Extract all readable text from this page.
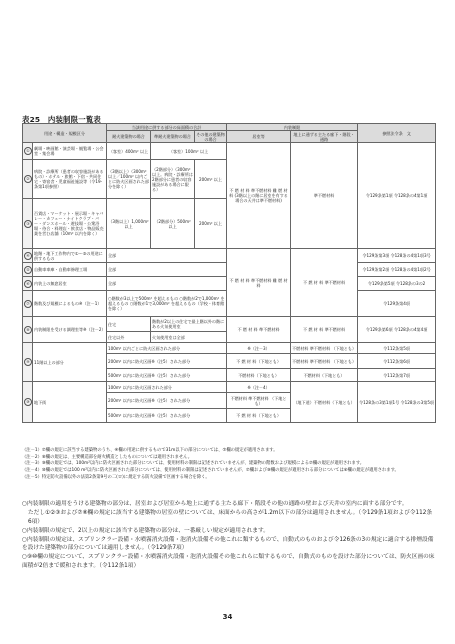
表25　内装制限一覧表
用途・構造・規模区分		当該用途に供する部分の床面積の合計			内装制限		参照法令条　文
		耐火建築物の場合	準耐火建築物の場合	その他の建築物の場合	居室等	地上に通ずる主たる廊下・階段・通路	
①	劇場・映画館・演芸場・観覧場・公会堂・集会場	（客室）400m² 以上	（客室）100m² 以上		不 燃 材 料 準不燃材料 難 燃 材 料 (3階以上の階に居室を有する場合の天井は準不燃材料)	準不燃材料	令129条第1項 令128条の4第1項
②	病院・診療所（患者の収容施設があるもの）・ホテル・旅館・下宿・共同住宅・寄宿舎・児童福祉施設等（令19-条第1項参照）	（3階以上）（300m² 以上／100m² 以内ごとに防火区画された部分を除く）	（2階部分）（300m² 以上。病院・診療所は2階部分に患者の収容施設がある場合に限る）	200m² 以上			
③	百貨店・マーケット・展示場・キャバレー・カフェー・ナイトクラブ・バー・ダンスホール・遊技場・公衆浴場・待合・料理店・飲食店・物品販売業を営む店舗（10m² 以内を除く）	（3階以上）1,000m² 以上	（2階部分）500m² 以上	200m² 以上			
④	地階・地下工作物内で①～③の用途に供するもの	全部			不 燃 材 料 準不燃材料 難 燃 材 料	不 燃 材 料 準不燃材料	令129条第3項 令128条の4第1項3号
⑤	自動車車庫・自動車修理工場	全部					令129条第2項 令128条の4第1項2号
⑥	内装上の無窓居室	全部					令129条第5項 令128条の3の2
⑦	階数及び規模によるもの※（注－1）	○階数が3以上で500m² を超えるもの ○階数が2で1,000m² を超えるもの ○階数が1で3,000m² を超えるもの（学校・体育館を除く）					令129条第4項
⑧	内装制限を受ける調理室等※（注－2）	住宅	階数が2以上の住宅で最上階以外の階にある火気使用室		不 燃 材 料 準不燃材料	不 燃 材 料 準不燃材料	令129条第6項 令128条の4第4項
		住宅以外	火気使用室は全部				
⑨	11階以上の部分	100m² 以内ごとに防火区画された部分			※（注－3）	不燃材料 準不燃材料 （下地とも）	令112条第5項
		200m² 以内に防火区画※（注5）された部分			不 燃 材 料（下地とも）	不燃材料 準不燃材料 （下地とも）	令112条第6項
		500m² 以内に防火区画※（注5）された部分			不燃材料（下地とも）	不燃材料（下地とも）	令112条第7項
⑩	地下街	100m² 以内に防火区画された部分			※（注－4）	（地下道）不燃材料（下地とも）	令128条の3第1項1号 令128条の3第5項
		200m² 以内に防火区画※（注5）された部分			不燃材料 準不燃材料 （下地とも）		
		500m² 以内に防火区画※（注5）された部分			不 燃 材 料（下地とも）		

（注－1）⑦欄の規定に該当する建築物のうち、④欄の用途に供するもので31m以下の部分については、⑦欄の規定が適用されます。

（注－2）⑧欄の規定は、主要構造部を耐火構造としたものについては適用されません。

（注－3）⑨欄の規定では、100m²以内に防火区画された部分については、使用材料の制限は記述されていませんが、建築物の階数および規模による⑦欄の規定が適用されます。

（注－4）⑩欄の規定では100 m²以内に防火区画された部分については、使用材料の制限は記述されていませんが、⑦欄および⑨欄の規定が適用される部分については⑥欄の規定が適用されます。

（注－5）特定防火設備以外の法第2条第9号の二(ロ)に規定する防火設備で区画する場合を除く。

○内装制限の適用をうける建築物の部分は、居室および居室から地上に通ずる主たる廊下・階段その他の通路の壁および天井の室内に面する部分です。

ただし①②③および⑦⑧欄の規定に該当する建築物の居室の壁については、床面からの高さが1.2m以下の部分は適用されません。（令129条1項および令112条6項）

○内装制限の規定で、2以上の規定に該当する建築物の部分は、一番厳しい規定が適用されます。

○内装制限の規定は、スプリンクラー設備・水噴霧消火設備・泡消火設備その他これに類するもので、自動式のものおよび令126条の3の規定に適合する排煙設備を設けた建築物の部分については適用しません。（令129条7項）

○⑨⑩欄の規定について、スプリンクラー設備・水噴霧消火設備・泡消火設備その他これらに類するもので、自動式のものを設けた部分については、防火区画の床面積が2倍まで緩和されます。（令112条1項）

34
